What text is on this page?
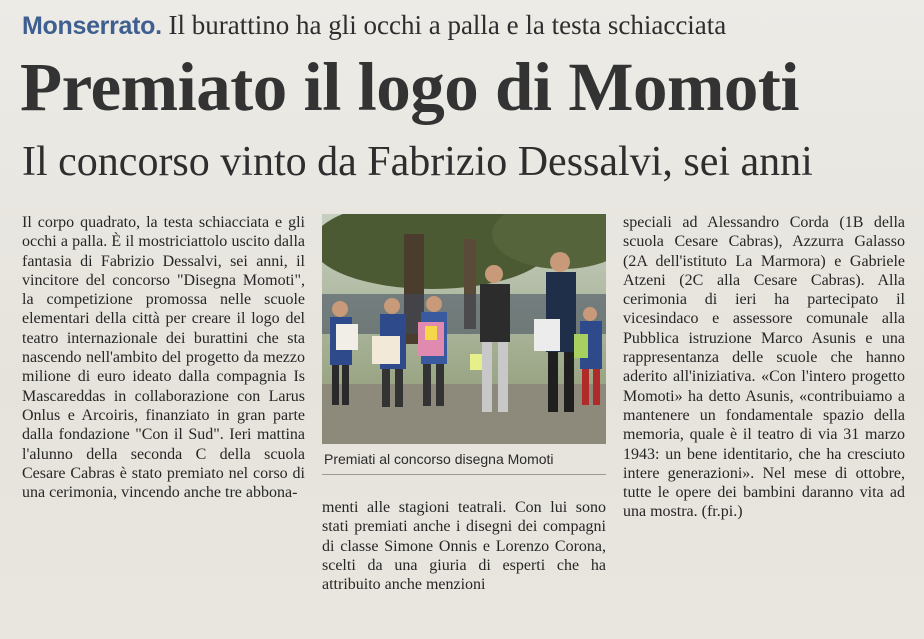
Monserrato. Il burattino ha gli occhi a palla e la testa schiacciata
Premiato il logo di Momoti
Il concorso vinto da Fabrizio Dessalvi, sei anni

Il corpo quadrato, la testa schiacciata e gli occhi a palla. È il mostriciattolo uscito dalla fantasia di Fabrizio Dessalvi, sei anni, il vincitore del concorso "Disegna Momoti", la competizione promossa nelle scuole elementari della città per creare il logo del teatro internazionale dei burattini che sta nascendo nell'ambito del progetto da mezzo milione di euro ideato dalla compagnia Is Mascareddas in collaborazione con Larus Onlus e Arcoiris, finanziato in gran parte dalla fondazione "Con il Sud". Ieri mattina l'alunno della seconda C della scuola Cesare Cabras è stato premiato nel corso di una cerimonia, vincendo anche tre abbona-

Premiati al concorso disegna Momoti

menti alle stagioni teatrali. Con lui sono stati premiati anche i disegni dei compagni di classe Simone Onnis e Lorenzo Corona, scelti da una giuria di esperti che ha attribuito anche menzioni

speciali ad Alessandro Corda (1B della scuola Cesare Cabras), Azzurra Galasso (2A dell'istituto La Marmora) e Gabriele Atzeni (2C alla Cesare Cabras). Alla cerimonia di ieri ha partecipato il vicesindaco e assessore comunale alla Pubblica istruzione Marco Asunis e una rappresentanza delle scuole che hanno aderito all'iniziativa. «Con l'intero progetto Momoti» ha detto Asunis, «contribuiamo a mantenere un fondamentale spazio della memoria, quale è il teatro di via 31 marzo 1943: un bene identitario, che ha cresciuto intere generazioni». Nel mese di ottobre, tutte le opere dei bambini daranno vita ad una mostra. (fr.pi.)
